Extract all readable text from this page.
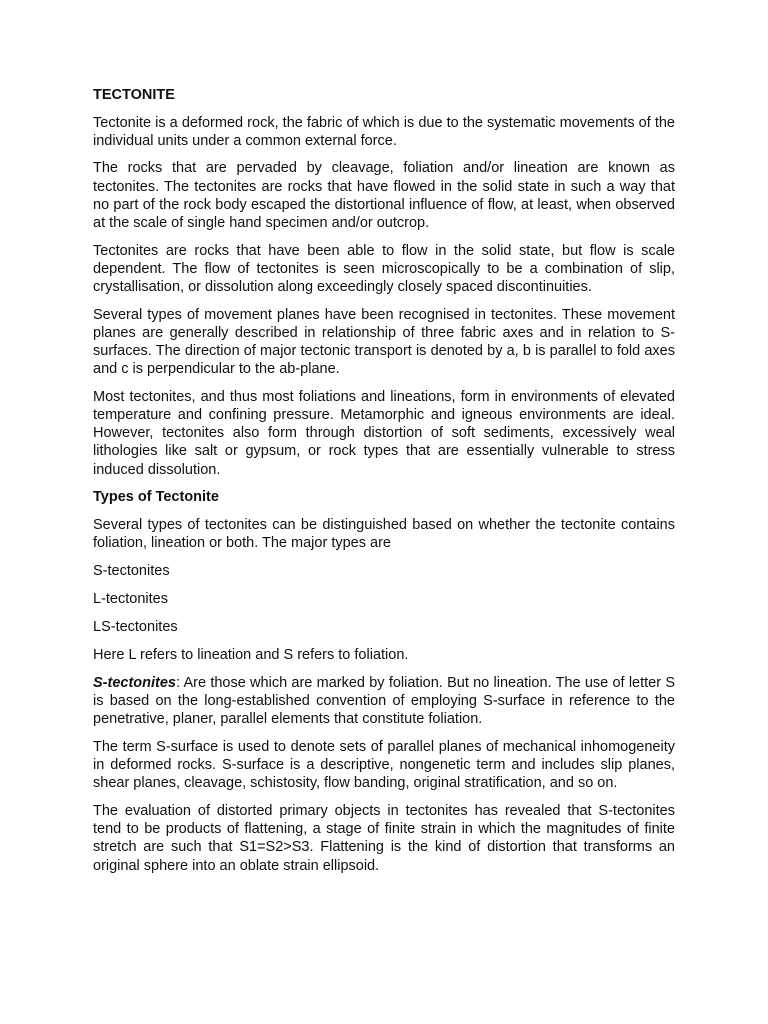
TECTONITE

Tectonite is a deformed rock, the fabric of which is due to the systematic movements of the individual units under a common external force.

The rocks that are pervaded by cleavage, foliation and/or lineation are known as tectonites. The tectonites are rocks that have flowed in the solid state in such a way that no part of the rock body escaped the distortional influence of flow, at least, when observed at the scale of single hand specimen and/or outcrop.

Tectonites are rocks that have been able to flow in the solid state, but flow is scale dependent. The flow of tectonites is seen microscopically to be a combination of slip, crystallisation, or dissolution along exceedingly closely spaced discontinuities.

Several types of movement planes have been recognised in tectonites. These movement planes are generally described in relationship of three fabric axes and in relation to S-surfaces. The direction of major tectonic transport is denoted by a, b is parallel to fold axes and c is perpendicular to the ab-plane.

Most tectonites, and thus most foliations and lineations, form in environments of elevated temperature and confining pressure. Metamorphic and igneous environments are ideal. However, tectonites also form through distortion of soft sediments, excessively weal lithologies like salt or gypsum, or rock types that are essentially vulnerable to stress induced dissolution.

Types of Tectonite

Several types of tectonites can be distinguished based on whether the tectonite contains foliation, lineation or both. The major types are

S-tectonites

L-tectonites

LS-tectonites

Here L refers to lineation and S refers to foliation.

S-tectonites: Are those which are marked by foliation. But no lineation. The use of letter S is based on the long-established convention of employing S-surface in reference to the penetrative, planer, parallel elements that constitute foliation.

The term S-surface is used to denote sets of parallel planes of mechanical inhomogeneity in deformed rocks. S-surface is a descriptive, nongenetic term and includes slip planes, shear planes, cleavage, schistosity, flow banding, original stratification, and so on.

The evaluation of distorted primary objects in tectonites has revealed that S-tectonites tend to be products of flattening, a stage of finite strain in which the magnitudes of finite stretch are such that S1=S2>S3. Flattening is the kind of distortion that transforms an original sphere into an oblate strain ellipsoid.
